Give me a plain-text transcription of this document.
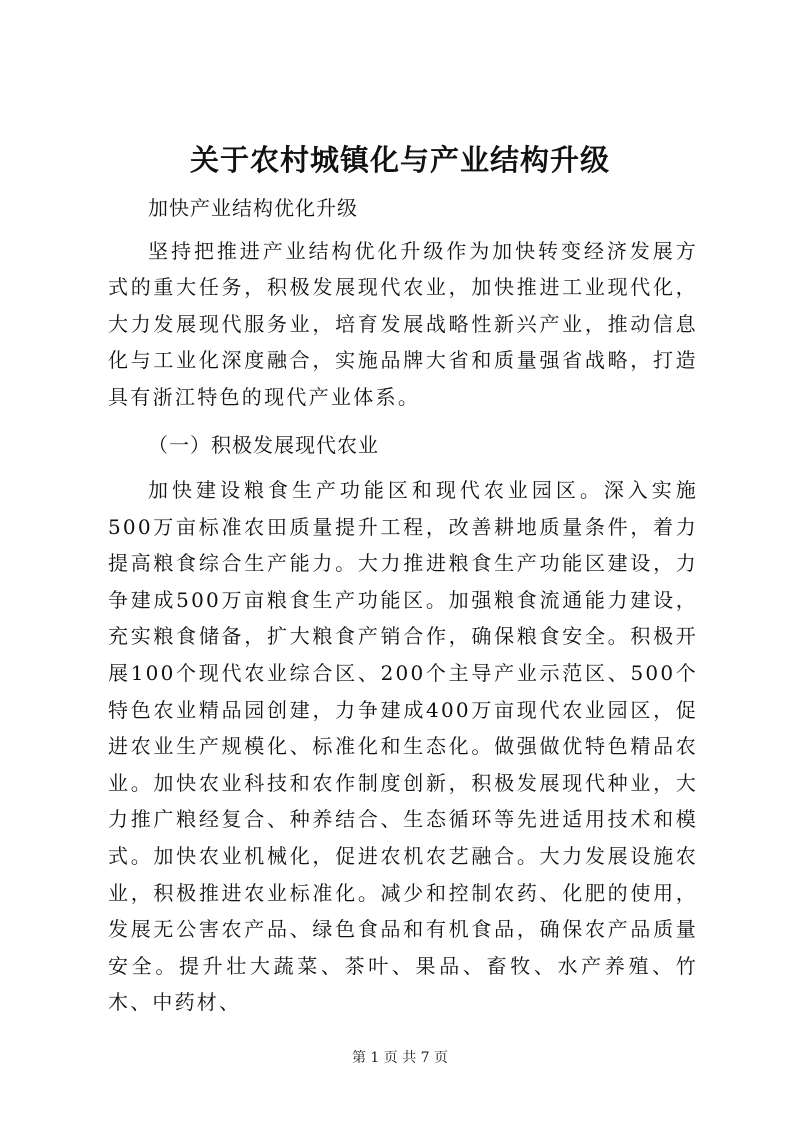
关于农村城镇化与产业结构升级
加快产业结构优化升级

坚持把推进产业结构优化升级作为加快转变经济发展方式的重大任务，积极发展现代农业，加快推进工业现代化，大力发展现代服务业，培育发展战略性新兴产业，推动信息化与工业化深度融合，实施品牌大省和质量强省战略，打造具有浙江特色的现代产业体系。

（一）积极发展现代农业

加快建设粮食生产功能区和现代农业园区。深入实施500万亩标准农田质量提升工程，改善耕地质量条件，着力提高粮食综合生产能力。大力推进粮食生产功能区建设，力争建成500万亩粮食生产功能区。加强粮食流通能力建设，充实粮食储备，扩大粮食产销合作，确保粮食安全。积极开展100个现代农业综合区、200个主导产业示范区、500个特色农业精品园创建，力争建成400万亩现代农业园区，促进农业生产规模化、标准化和生态化。做强做优特色精品农业。加快农业科技和农作制度创新，积极发展现代种业，大力推广粮经复合、种养结合、生态循环等先进适用技术和模式。加快农业机械化，促进农机农艺融合。大力发展设施农业，积极推进农业标准化。减少和控制农药、化肥的使用，发展无公害农产品、绿色食品和有机食品，确保农产品质量安全。提升壮大蔬菜、茶叶、果品、畜牧、水产养殖、竹木、中药材、

第 1 页 共 7 页
